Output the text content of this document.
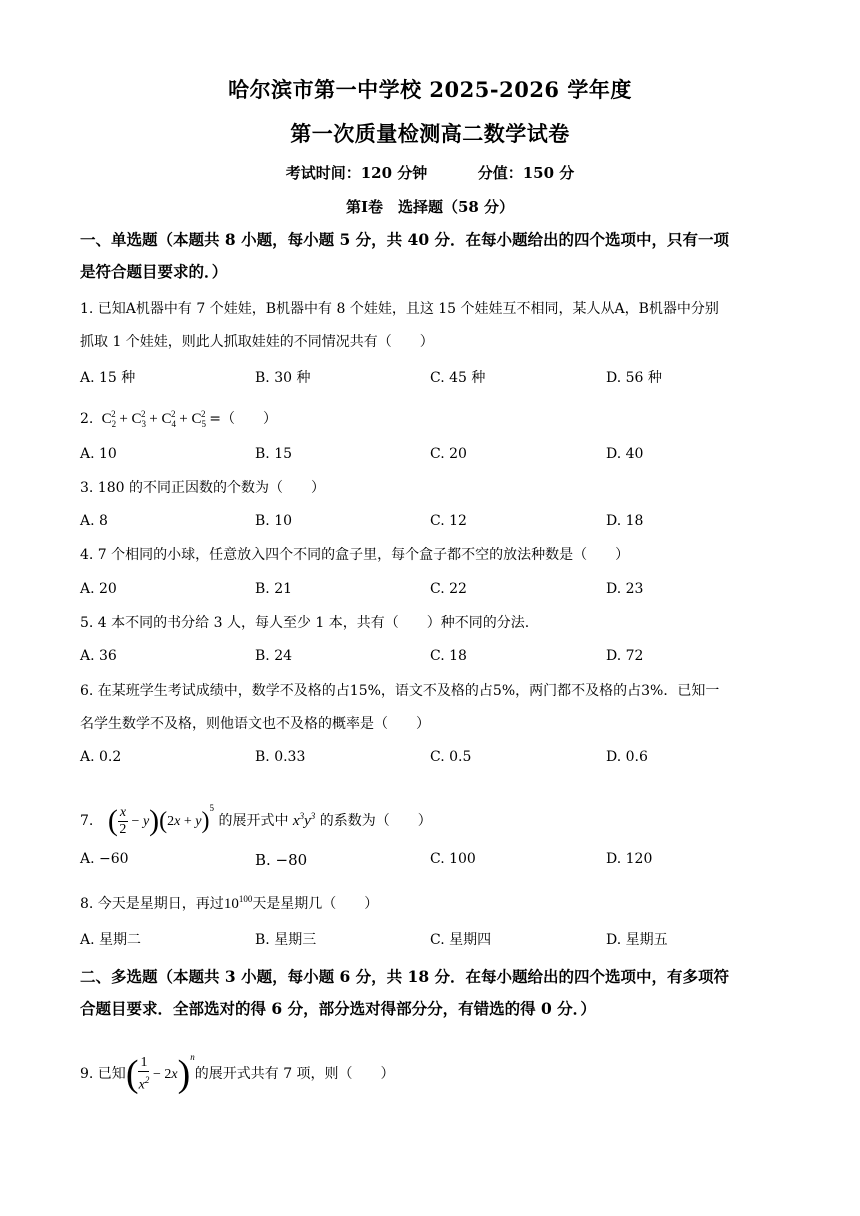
哈尔滨市第一中学校 2025-2026 学年度
第一次质量检测高二数学试卷
考试时间：120 分钟	分值：150 分
第Ⅰ卷　选择题（58 分）
一、单选题（本题共 8 小题，每小题 5 分，共 40 分．在每小题给出的四个选项中，只有一项
是符合题目要求的．）
1. 已知A机器中有 7 个娃娃，B机器中有 8 个娃娃，且这 15 个娃娃互不相同，某人从A，B机器中分别
抓取 1 个娃娃，则此人抓取娃娃的不同情况共有（　　）
A. 15 种	B. 30 种	C. 45 种	D. 56 种
2.  $C_2^2 + C_3^2 + C_4^2 + C_5^2$ =（　　）
A. 10	B. 15	C. 20	D. 40
3. 180 的不同正因数的个数为（　　）
A. 8	B. 10	C. 12	D. 18
4. 7 个相同的小球，任意放入四个不同的盒子里，每个盒子都不空的放法种数是（　　）
A. 20	B. 21	C. 22	D. 23
5. 4 本不同的书分给 3 人，每人至少 1 本，共有（　　）种不同的分法.
A. 36	B. 24	C. 18	D. 72
6. 在某班学生考试成绩中，数学不及格的占15%，语文不及格的占5%，两门都不及格的占3%．已知一
名学生数学不及格，则他语文也不及格的概率是（　　）
A. 0.2	B. 0.33	C. 0.5	D. 0.6
7. ( $\frac{x}{2} - y)(2x + y)^5$ 的展开式中 $x^3y^3$ 的系数为（　　）
A. −60	B. −80	C. 100	D. 120
8. 今天是星期日，再过$10^{100}$天是星期几（　　）
A. 星期二	B. 星期三	C. 星期四	D. 星期五
二、多选题（本题共 3 小题，每小题 6 分，共 18 分．在每小题给出的四个选项中，有多项符
合题目要求．全部选对的得 6 分，部分选对得部分分，有错选的得 0 分．）
9. 已知( $\frac{1}{x^2} - 2x)^n$的展开式共有 7 项，则（　　）
